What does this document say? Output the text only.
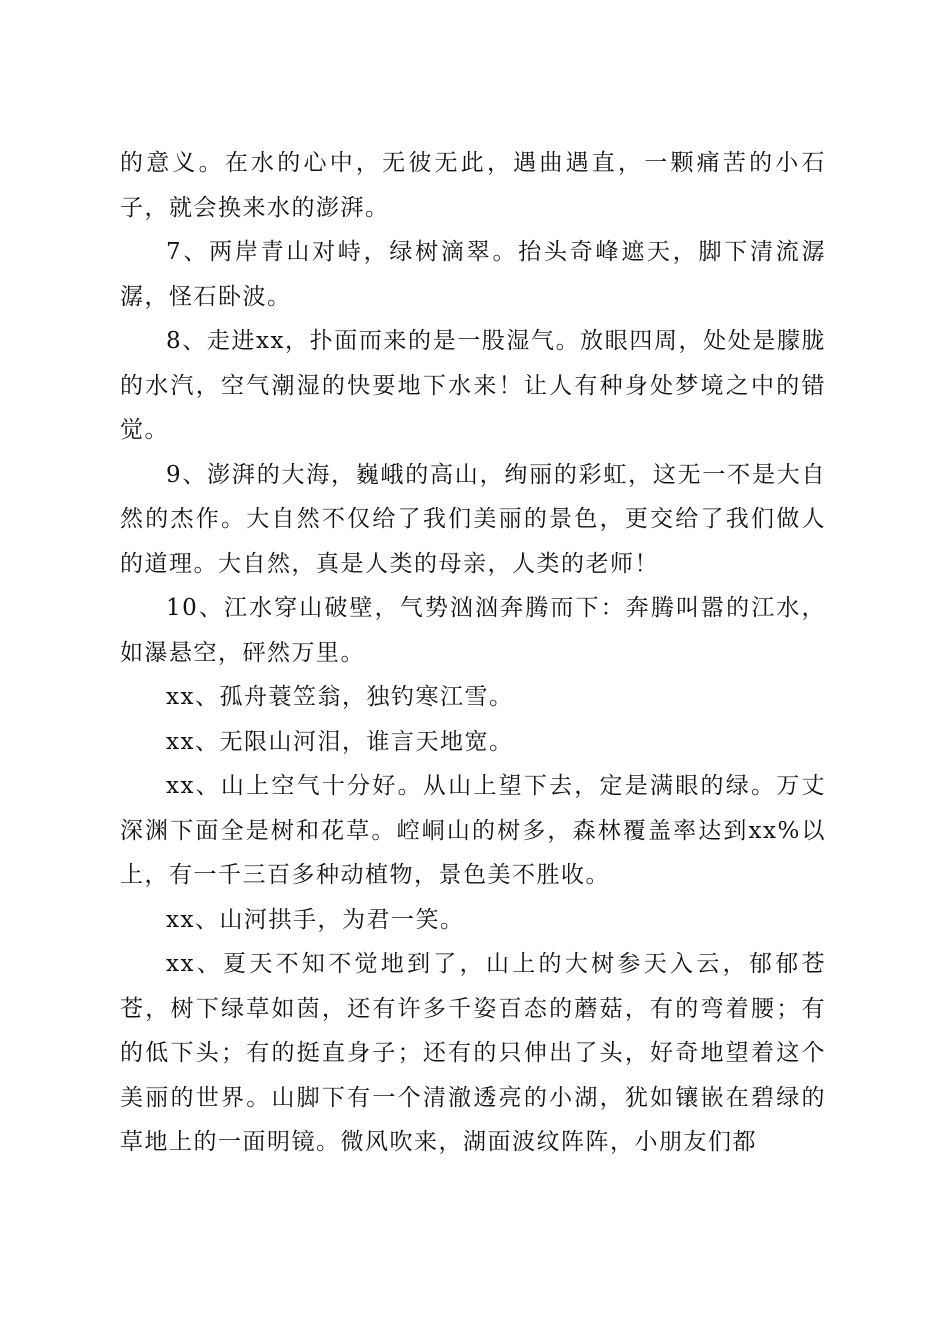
的意义。在水的心中，无彼无此，遇曲遇直，一颗痛苦的小石子，就会换来水的澎湃。

7、两岸青山对峙，绿树滴翠。抬头奇峰遮天，脚下清流潺潺，怪石卧波。

8、走进xx，扑面而来的是一股湿气。放眼四周，处处是朦胧的水汽，空气潮湿的快要地下水来！让人有种身处梦境之中的错觉。

9、澎湃的大海，巍峨的高山，绚丽的彩虹，这无一不是大自然的杰作。大自然不仅给了我们美丽的景色，更交给了我们做人的道理。大自然，真是人类的母亲，人类的老师！

10、江水穿山破壁，气势汹汹奔腾而下：奔腾叫嚣的江水，如瀑悬空，砰然万里。

xx、孤舟蓑笠翁，独钓寒江雪。

xx、无限山河泪，谁言天地宽。

xx、山上空气十分好。从山上望下去，定是满眼的绿。万丈深渊下面全是树和花草。崆峒山的树多，森林覆盖率达到xx%以上，有一千三百多种动植物，景色美不胜收。

xx、山河拱手，为君一笑。

xx、夏天不知不觉地到了，山上的大树参天入云，郁郁苍苍，树下绿草如茵，还有许多千姿百态的蘑菇，有的弯着腰；有的低下头；有的挺直身子；还有的只伸出了头，好奇地望着这个美丽的世界。山脚下有一个清澈透亮的小湖，犹如镶嵌在碧绿的草地上的一面明镜。微风吹来，湖面波纹阵阵，小朋友们都
